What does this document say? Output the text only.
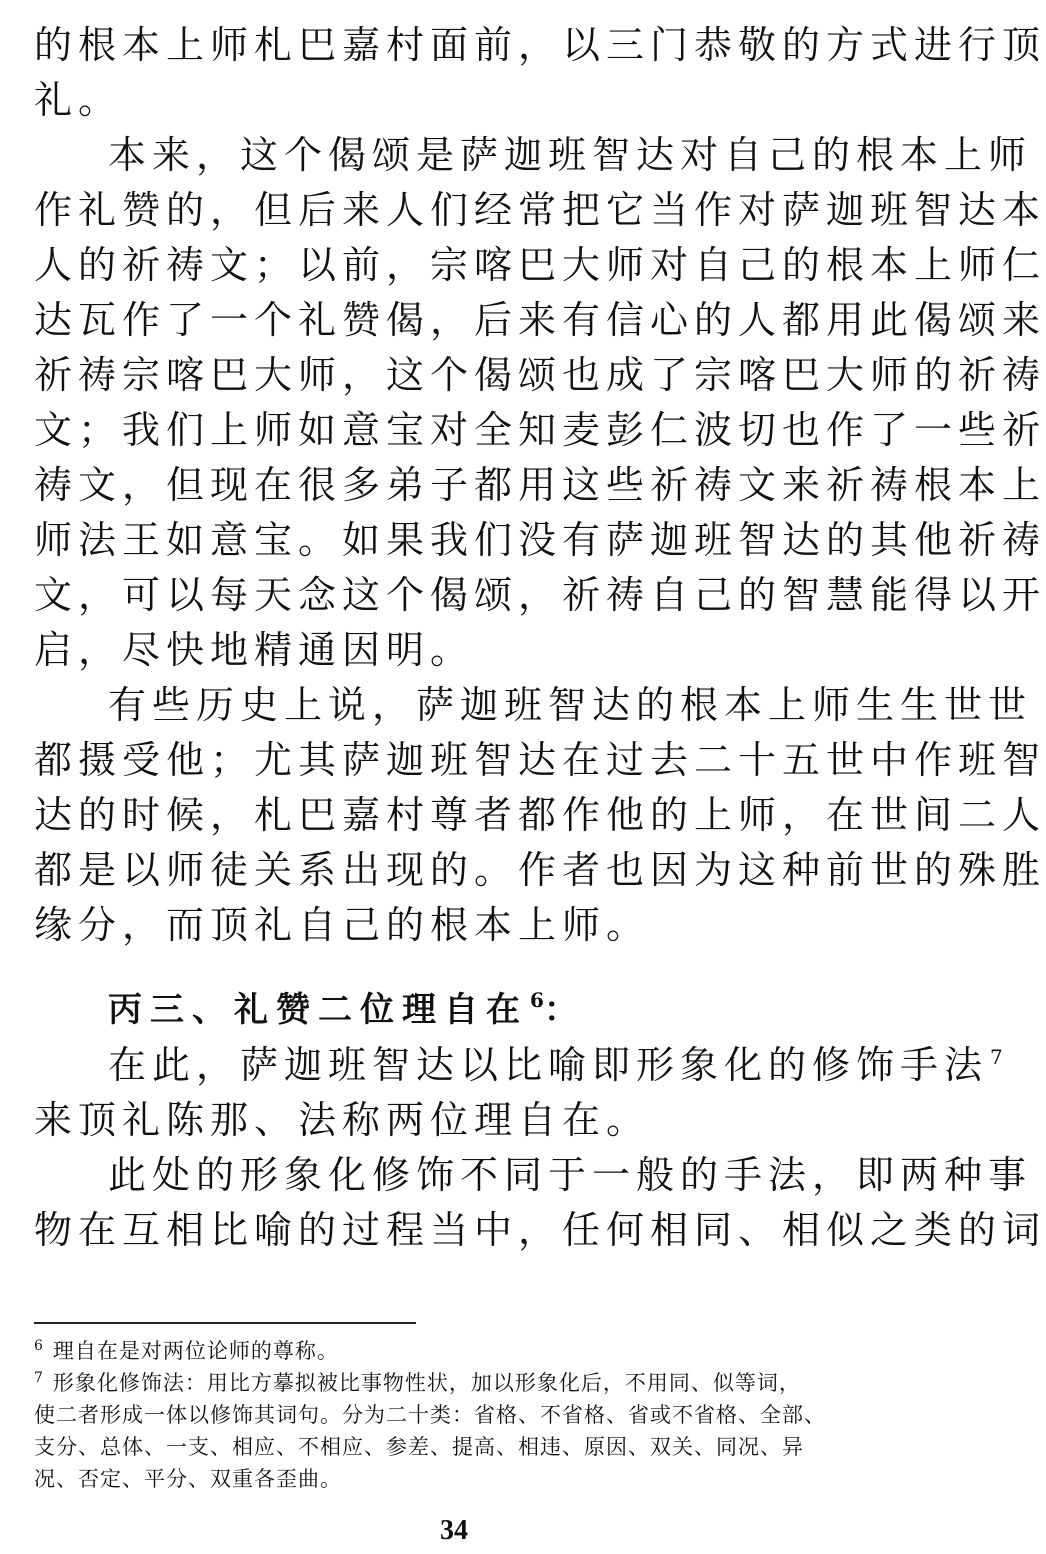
的根本上师札巴嘉村面前，以三门恭敬的方式进行顶
礼。
本来，这个偈颂是萨迦班智达对自己的根本上师
作礼赞的，但后来人们经常把它当作对萨迦班智达本
人的祈祷文；以前，宗喀巴大师对自己的根本上师仁
达瓦作了一个礼赞偈，后来有信心的人都用此偈颂来
祈祷宗喀巴大师，这个偈颂也成了宗喀巴大师的祈祷
文；我们上师如意宝对全知麦彭仁波切也作了一些祈
祷文，但现在很多弟子都用这些祈祷文来祈祷根本上
师法王如意宝。如果我们没有萨迦班智达的其他祈祷
文，可以每天念这个偈颂，祈祷自己的智慧能得以开
启，尽快地精通因明。
有些历史上说，萨迦班智达的根本上师生生世世
都摄受他；尤其萨迦班智达在过去二十五世中作班智
达的时候，札巴嘉村尊者都作他的上师，在世间二人
都是以师徒关系出现的。作者也因为这种前世的殊胜
缘分，而顶礼自己的根本上师。
丙三、礼赞二位理自在 $^6$：
在此，萨迦班智达以比喻即形象化的修饰手法 $^7$
来顶礼陈那、法称两位理自在。
此处的形象化修饰不同于一般的手法，即两种事
物在互相比喻的过程当中，任何相同、相似之类的词
$^6$ 理自在是对两位论师的尊称。
$^7$ 形象化修饰法：用比方摹拟被比事物性状，加以形象化后，不用同、似等词，
使二者形成一体以修饰其词句。分为二十类：省格、不省格、省或不省格、全部、
支分、总体、一支、相应、不相应、参差、提高、相违、原因、双关、同况、异
况、否定、平分、双重各歪曲。
34
